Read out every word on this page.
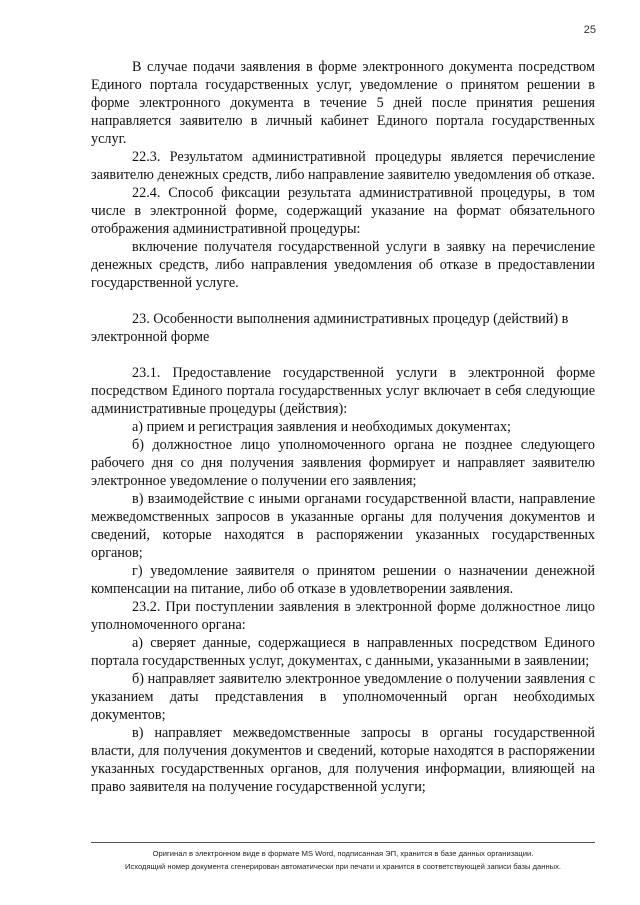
25

В случае подачи заявления в форме электронного документа посредством Единого портала государственных услуг, уведомление о принятом решении в форме электронного документа в течение 5 дней после принятия решения направляется заявителю в личный кабинет Единого портала государственных услуг.

22.3. Результатом административной процедуры является перечисление заявителю денежных средств, либо направление заявителю уведомления об отказе.

22.4. Способ фиксации результата административной процедуры, в том числе в электронной форме, содержащий указание на формат обязательного отображения административной процедуры:

включение получателя государственной услуги в заявку на перечисление денежных средств, либо направления уведомления об отказе в предоставлении государственной услуге.

23. Особенности выполнения административных процедур (действий) в электронной форме

23.1. Предоставление государственной услуги в электронной форме посредством Единого портала государственных услуг включает в себя следующие административные процедуры (действия):

а) прием и регистрация заявления и необходимых документах;

б) должностное лицо уполномоченного органа не позднее следующего рабочего дня со дня получения заявления формирует и направляет заявителю электронное уведомление о получении его заявления;

в) взаимодействие с иными органами государственной власти, направление межведомственных запросов в указанные органы для получения документов и сведений, которые находятся в распоряжении указанных государственных органов;

г) уведомление заявителя о принятом решении о назначении денежной компенсации на питание, либо об отказе в удовлетворении заявления.

23.2. При поступлении заявления в электронной форме должностное лицо уполномоченного органа:

а) сверяет данные, содержащиеся в направленных посредством Единого портала государственных услуг, документах, с данными, указанными в заявлении;

б) направляет заявителю электронное уведомление о получении заявления с указанием даты представления в уполномоченный орган необходимых документов;

в) направляет межведомственные запросы в органы государственной власти, для получения документов и сведений, которые находятся в распоряжении указанных государственных органов, для получения информации, влияющей на право заявителя на получение государственной услуги;

Оригинал в электронном виде в формате MS Word, подписанная ЭП, хранится в базе данных организации.
Исходящий номер документа сгенерирован автоматически при печати и хранится в соответствующей записи базы данных.
